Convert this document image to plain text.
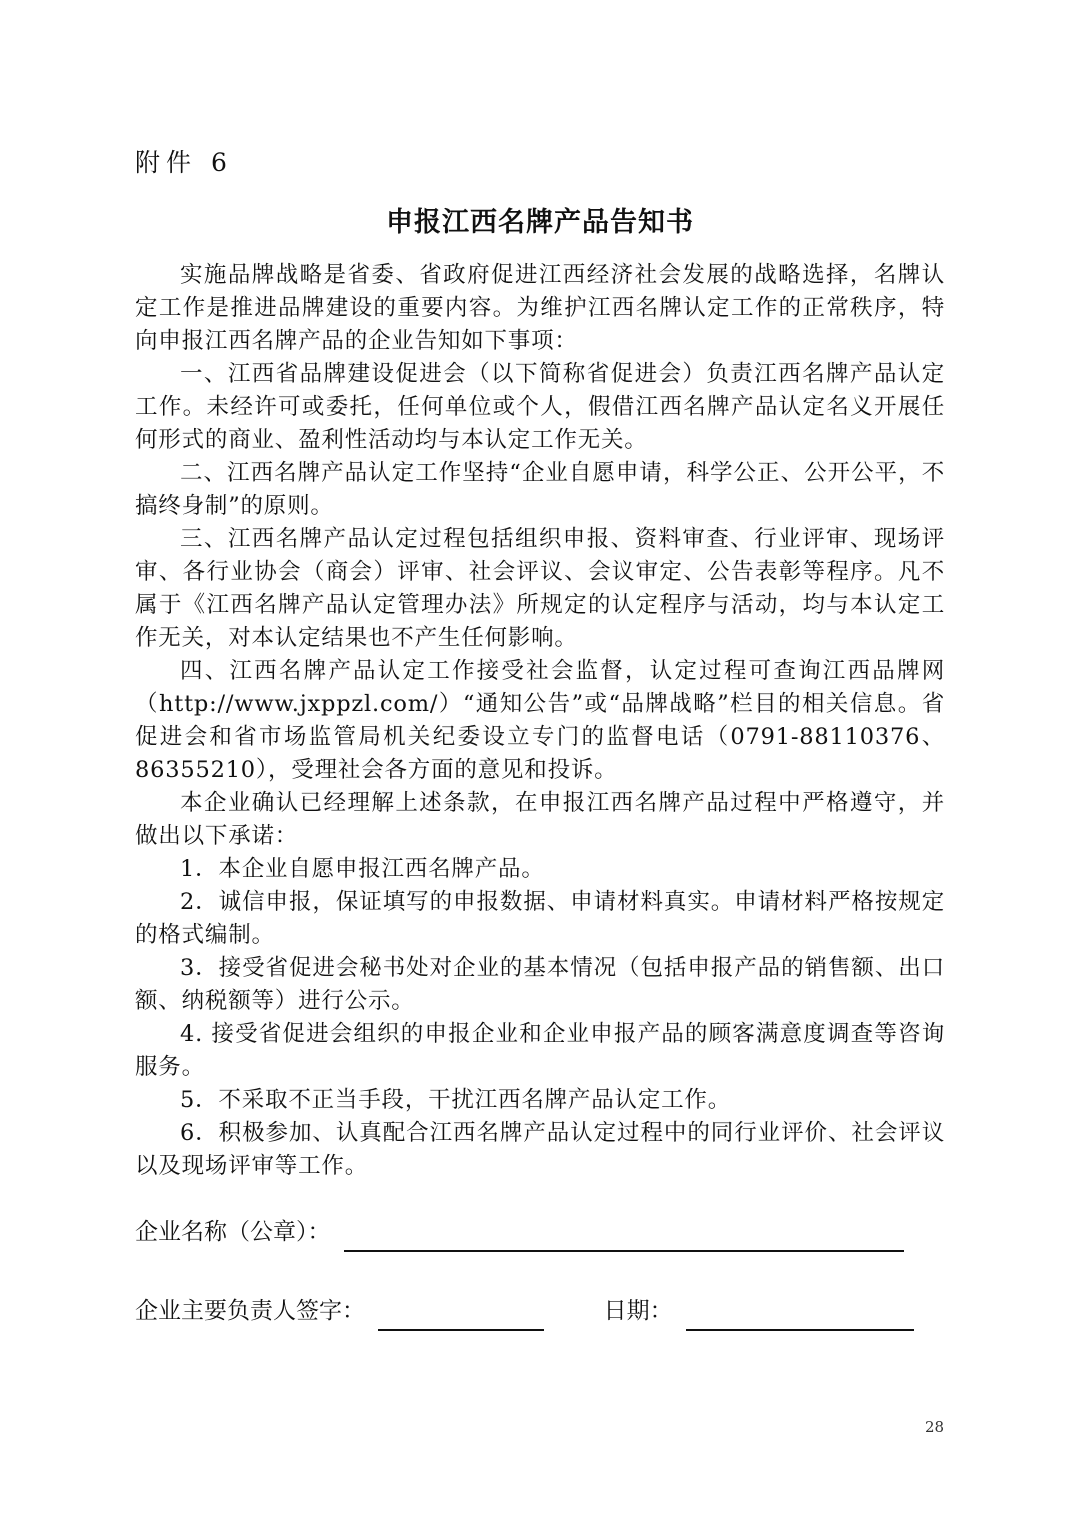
附件 6
申报江西名牌产品告知书

实施品牌战略是省委、省政府促进江西经济社会发展的战略选择，名牌认定工作是推进品牌建设的重要内容。为维护江西名牌认定工作的正常秩序，特向申报江西名牌产品的企业告知如下事项：

一、江西省品牌建设促进会（以下简称省促进会）负责江西名牌产品认定工作。未经许可或委托，任何单位或个人，假借江西名牌产品认定名义开展任何形式的商业、盈利性活动均与本认定工作无关。

二、江西名牌产品认定工作坚持“企业自愿申请，科学公正、公开公平，不搞终身制”的原则。

三、江西名牌产品认定过程包括组织申报、资料审查、行业评审、现场评审、各行业协会（商会）评审、社会评议、会议审定、公告表彰等程序。凡不属于《江西名牌产品认定管理办法》所规定的认定程序与活动，均与本认定工作无关，对本认定结果也不产生任何影响。

四、江西名牌产品认定工作接受社会监督，认定过程可查询江西品牌网（http://www.jxppzl.com/）“通知公告”或“品牌战略”栏目的相关信息。省促进会和省市场监管局机关纪委设立专门的监督电话（0791-88110376、86355210），受理社会各方面的意见和投诉。

本企业确认已经理解上述条款，在申报江西名牌产品过程中严格遵守，并做出以下承诺：

1．本企业自愿申报江西名牌产品。

2．诚信申报，保证填写的申报数据、申请材料真实。申请材料严格按规定的格式编制。

3．接受省促进会秘书处对企业的基本情况（包括申报产品的销售额、出口额、纳税额等）进行公示。

4. 接受省促进会组织的申报企业和企业申报产品的顾客满意度调查等咨询服务。

5．不采取不正当手段，干扰江西名牌产品认定工作。

6．积极参加、认真配合江西名牌产品认定过程中的同行业评价、社会评议以及现场评审等工作。

企业名称（公章）：
企业主要负责人签字：	日期：
28
